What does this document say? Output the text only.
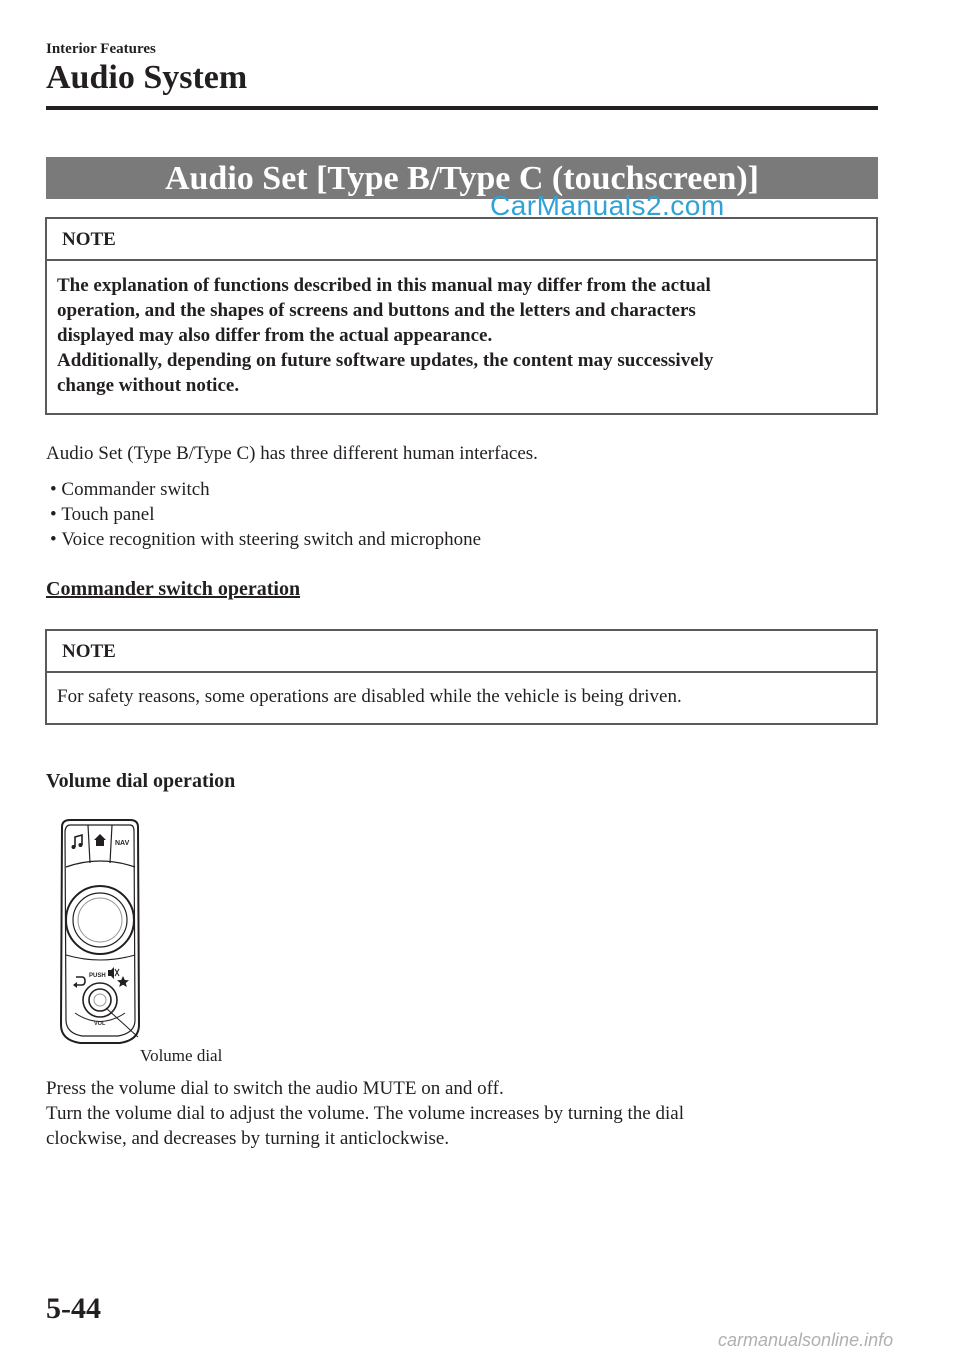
Interior Features
Audio System
Audio Set [Type B/Type C (touchscreen)]
CarManuals2.com
NOTE
The explanation of functions described in this manual may differ from the actual
operation, and the shapes of screens and buttons and the letters and characters
displayed may also differ from the actual appearance.
Additionally, depending on future software updates, the content may successively
change without notice.
Audio Set (Type B/Type C) has three different human interfaces.
• Commander switch
• Touch panel
• Voice recognition with steering switch and microphone
Commander switch operation
NOTE
For safety reasons, some operations are disabled while the vehicle is being driven.
Volume dial operation
NAV
PUSH
VOL
Volume dial
Press the volume dial to switch the audio MUTE on and off.
Turn the volume dial to adjust the volume. The volume increases by turning the dial
clockwise, and decreases by turning it anticlockwise.
5-44
carmanualsonline.info
